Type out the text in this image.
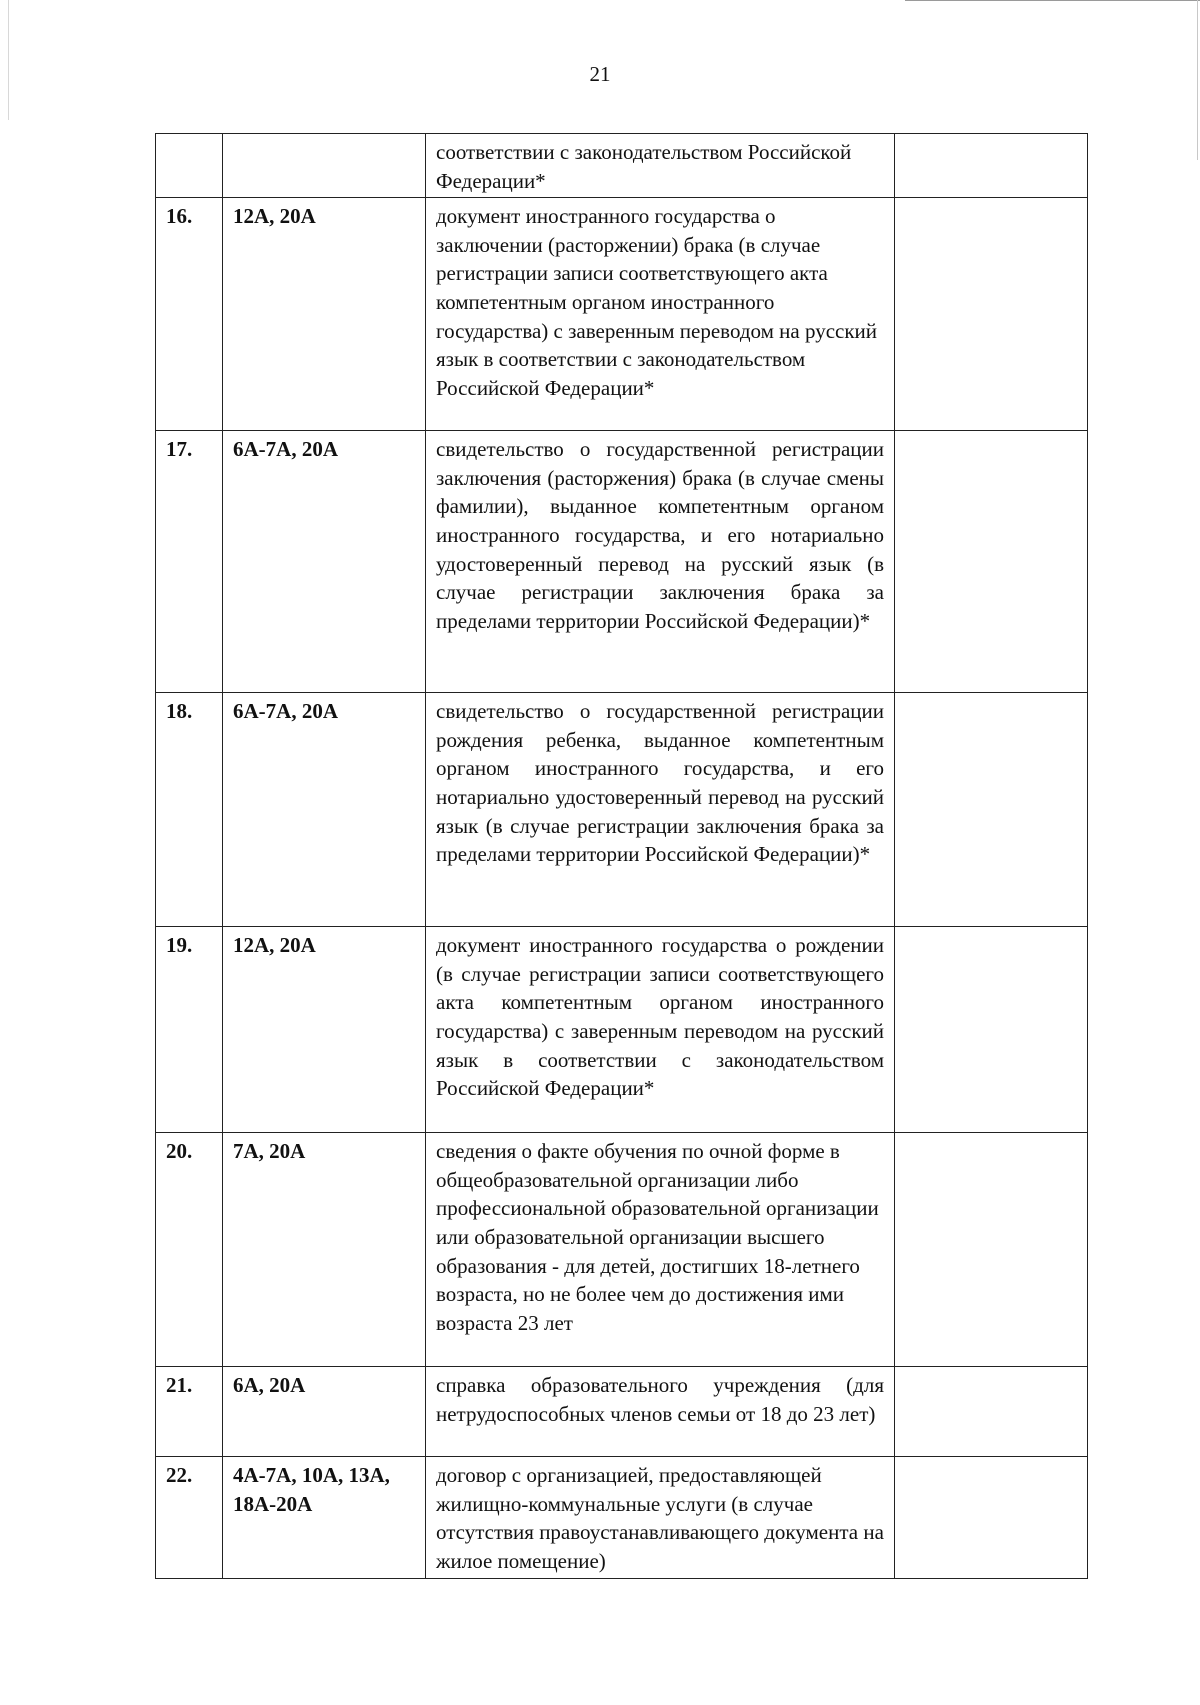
21
		соответствии с законодательством Российской Федерации*	
16.	12А, 20А	документ иностранного государства о заключении (расторжении) брака (в случае регистрации записи соответствующего акта компетентным органом иностранного государства) с заверенным переводом на русский язык в соответствии с законодательством Российской Федерации*	
17.	6А-7А, 20А	свидетельство о государственной регистрации заключения (расторжения) брака (в случае смены фамилии), выданное компетентным органом иностранного государства, и его нотариально удостоверенный перевод на русский язык (в случае регистрации заключения брака за пределами территории Российской Федерации)*	
18.	6А-7А, 20А	свидетельство о государственной регистрации рождения ребенка, выданное компетентным органом иностранного государства, и его нотариально удостоверенный перевод на русский язык (в случае регистрации заключения брака за пределами территории Российской Федерации)*	
19.	12А, 20А	документ иностранного государства о рождении (в случае регистрации записи соответствующего акта компетентным органом иностранного государства) с заверенным переводом на русский язык в соответствии с законодательством Российской Федерации*	
20.	7А, 20А	сведения о факте обучения по очной форме в общеобразовательной организации либо профессиональной образовательной организации или образовательной организации высшего образования - для детей, достигших 18-летнего возраста, но не более чем до достижения ими возраста 23 лет	
21.	6А, 20А	справка образовательного учреждения (для нетрудоспособных членов семьи от 18 до 23 лет)	
22.	4А-7А, 10А, 13А, 18А-20А	договор с организацией, предоставляющей жилищно-коммунальные услуги (в случае отсутствия правоустанавливающего документа на жилое помещение)	
